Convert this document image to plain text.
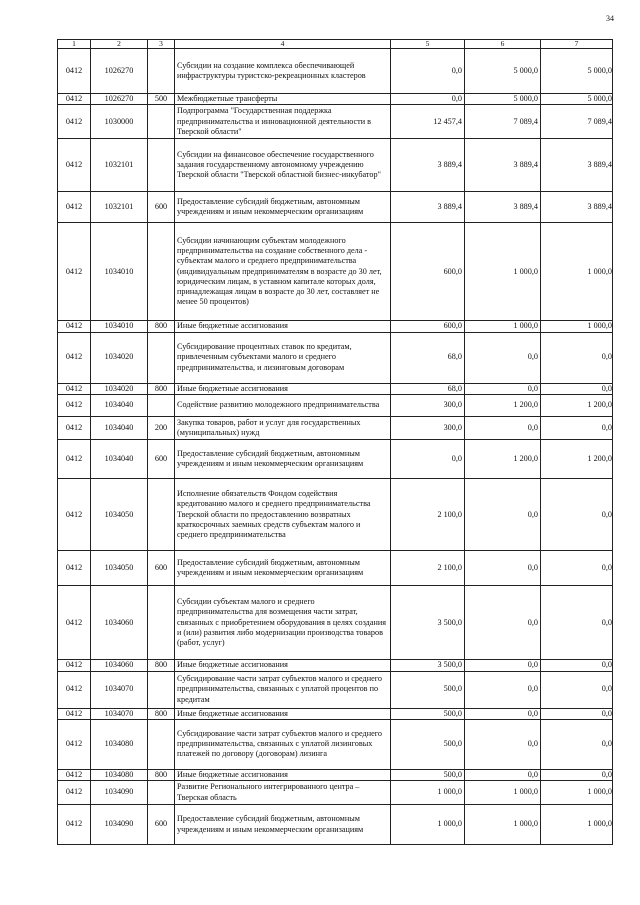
34
1	2	3	4	5	6	7
0412	1026270		Субсидии на создание комплекса обеспечивающей инфраструктуры туристско-рекреационных кластеров	0,0	5 000,0	5 000,0
0412	1026270	500	Межбюджетные трансферты	0,0	5 000,0	5 000,0
0412	1030000		Подпрограмма "Государственная поддержка предпринимательства и инновационной деятельности в Тверской области"	12 457,4	7 089,4	7 089,4
0412	1032101		Субсидии на финансовое обеспечение государственного задания государственному автономному учреждению Тверской области "Тверской областной бизнес-инкубатор"	3 889,4	3 889,4	3 889,4
0412	1032101	600	Предоставление субсидий бюджетным, автономным учреждениям и иным некоммерческим организациям	3 889,4	3 889,4	3 889,4
0412	1034010		Субсидии начинающим субъектам молодежного предпринимательства на создание собственного дела - субъектам малого и среднего предпринимательства (индивидуальным предпринимателям в возрасте до 30 лет, юридическим лицам, в уставном капитале которых доля, принадлежащая лицам в возрасте до 30 лет, составляет не менее 50 процентов)	600,0	1 000,0	1 000,0
0412	1034010	800	Иные бюджетные ассигнования	600,0	1 000,0	1 000,0
0412	1034020		Субсидирование процентных ставок по кредитам, привлеченным субъектами малого и среднего предпринимательства, и лизинговым договорам	68,0	0,0	0,0
0412	1034020	800	Иные бюджетные ассигнования	68,0	0,0	0,0
0412	1034040		Содействие развитию молодежного предпринимательства	300,0	1 200,0	1 200,0
0412	1034040	200	Закупка товаров, работ и услуг для государственных (муниципальных) нужд	300,0	0,0	0,0
0412	1034040	600	Предоставление субсидий бюджетным, автономным учреждениям и иным некоммерческим организациям	0,0	1 200,0	1 200,0
0412	1034050		Исполнение обязательств Фондом содействия кредитованию малого и среднего предпринимательства Тверской области по предоставлению возвратных краткосрочных заемных средств субъектам малого и среднего предпринимательства	2 100,0	0,0	0,0
0412	1034050	600	Предоставление субсидий бюджетным, автономным учреждениям и иным некоммерческим организациям	2 100,0	0,0	0,0
0412	1034060		Субсидии субъектам малого и среднего предпринимательства для возмещения части затрат, связанных с приобретением оборудования в целях создания и (или) развития либо модернизации производства товаров (работ, услуг)	3 500,0	0,0	0,0
0412	1034060	800	Иные бюджетные ассигнования	3 500,0	0,0	0,0
0412	1034070		Субсидирование части затрат субъектов малого и среднего предпринимательства, связанных с уплатой процентов по кредитам	500,0	0,0	0,0
0412	1034070	800	Иные бюджетные ассигнования	500,0	0,0	0,0
0412	1034080		Субсидирование части затрат субъектов малого и среднего предпринимательства, связанных с уплатой лизинговых платежей по договору (договорам) лизинга	500,0	0,0	0,0
0412	1034080	800	Иные бюджетные ассигнования	500,0	0,0	0,0
0412	1034090		Развитие Регионального интегрированного центра – Тверская область	1 000,0	1 000,0	1 000,0
0412	1034090	600	Предоставление субсидий бюджетным, автономным учреждениям и иным некоммерческим организациям	1 000,0	1 000,0	1 000,0
